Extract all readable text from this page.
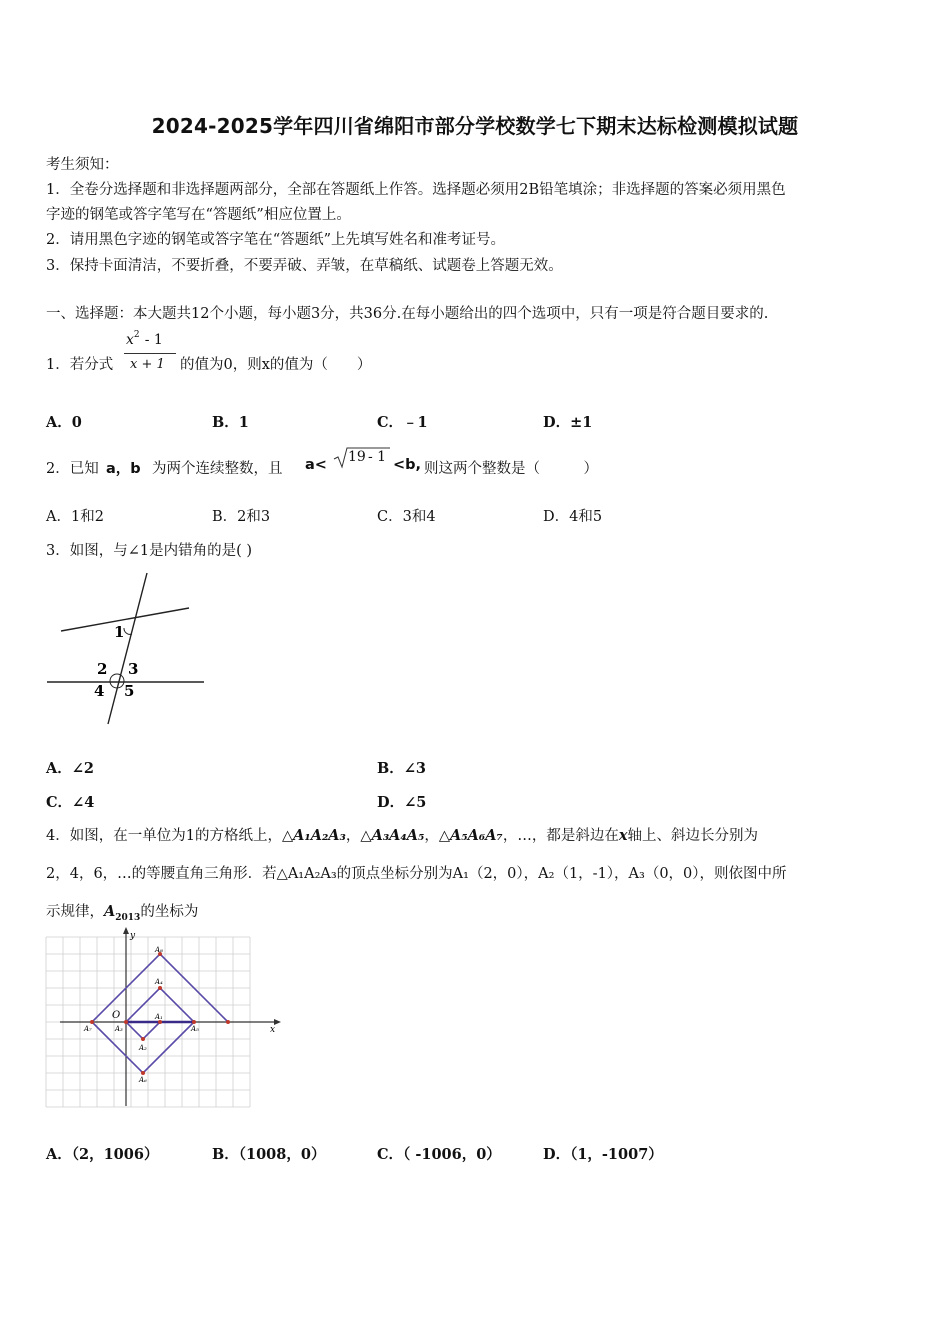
2024-2025学年四川省绵阳市部分学校数学七下期末达标检测模拟试题
考生须知：
1．全卷分选择题和非选择题两部分，全部在答题纸上作答。选择题必须用2B铅笔填涂；非选择题的答案必须用黑色
字迹的钢笔或答字笔写在“答题纸”相应位置上。
2．请用黑色字迹的钢笔或答字笔在“答题纸”上先填写姓名和准考证号。
3．保持卡面清洁，不要折叠，不要弄破、弄皱，在草稿纸、试题卷上答题无效。
一、选择题：本大题共12个小题，每小题3分，共36分.在每小题给出的四个选项中，只有一项是符合题目要求的.
1．若分式
$x^2 - 1$
x + 1 的值为0，则x的值为（　　）
A．0	B．1	C．﹣1	D．±1
2．已知 a，b 为两个连续整数，且 a< 19 - 1 <b, 则这两个整数是（　　　）
A．1和2	B．2和3	C．3和4	D．4和5
3．如图，与∠1是内错角的是( )
1
2 3
4 5
A．∠2	B．∠3
C．∠4	D．∠5
4．如图，在一单位为1的方格纸上，△A₁A₂A₃，△A₃A₄A₅，△A₅A₆A₇，…，都是斜边在x轴上、斜边长分别为
2，4，6，…的等腰直角三角形．若△A₁A₂A₃的顶点坐标分别为A₁（2，0），A₂（1，-1），A₃（0，0），则依图中所
示规律，$A_{2013}$的坐标为
y
x
O	A₁
A₂
A₃
A₄
A₅
A₆
A₇
A₈
A．（2，1006）	B．（1008，0）	C．（ -1006，0）	D．（1，-1007）
